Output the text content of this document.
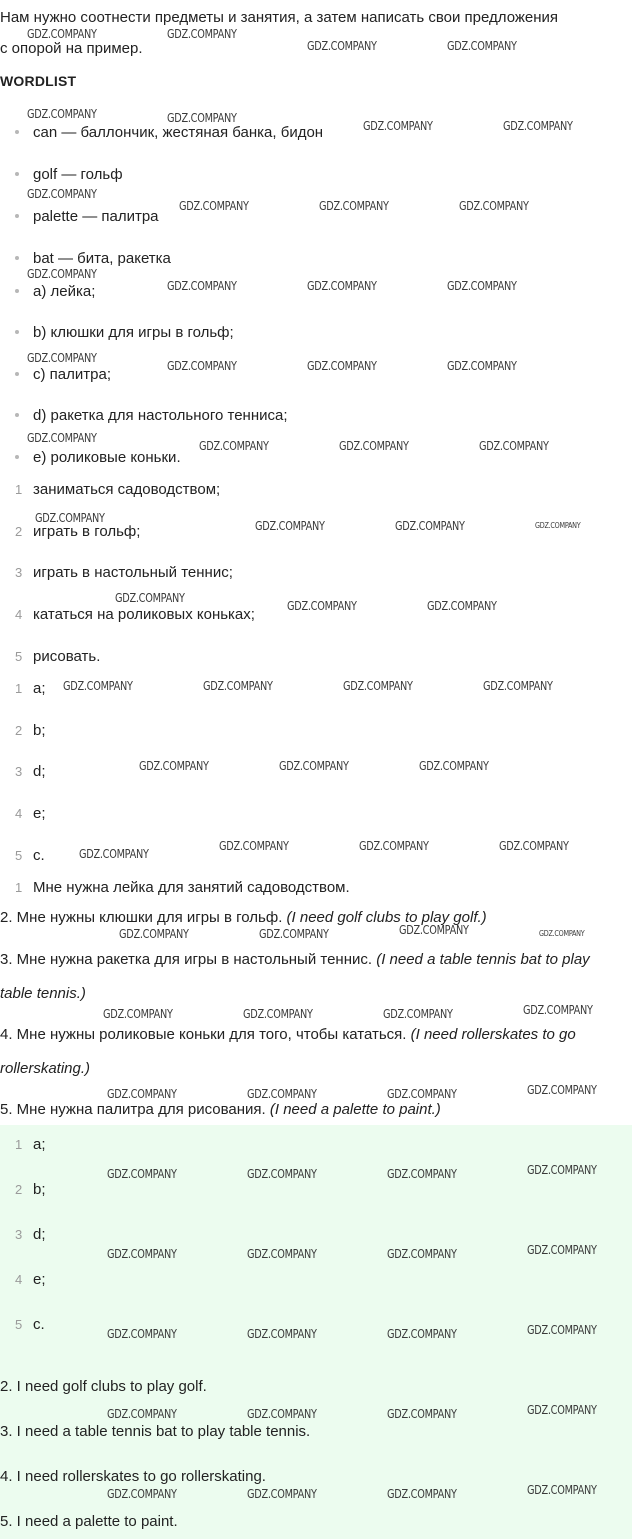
Нам нужно соотнести предметы и занятия, а затем написать свои предложения с опорой на пример.
WORDLIST
can — баллончик, жестяная банка, бидон
golf — гольф
palette — палитра
bat — бита, ракетка
a) лейка;
b) клюшки для игры в гольф;
c) палитра;
d) ракетка для настольного тенниса;
e) роликовые коньки.
1 заниматься садоводством;
2 играть в гольф;
3 играть в настольный теннис;
4 кататься на роликовых коньках;
5 рисовать.
1 a;
2 b;
3 d;
4 e;
5 c.
1 Мне нужна лейка для занятий садоводством.
2. Мне нужны клюшки для игры в гольф. (I need golf clubs to play golf.)
3. Мне нужна ракетка для игры в настольный теннис. (I need a table tennis bat to play table tennis.)
4. Мне нужны роликовые коньки для того, чтобы кататься. (I need rollerskates to go rollerskating.)
5. Мне нужна палитра для рисования. (I need a palette to paint.)
1 a;
2 b;
3 d;
4 e;
5 c.
2. I need golf clubs to play golf.
3. I need a table tennis bat to play table tennis.
4. I need rollerskates to go rollerskating.
5. I need a palette to paint.
GDZ.COMPANY	GDZ.COMPANY
GDZ.COMPANY	GDZ.COMPANY
GDZ.COMPANY	GDZ.COMPANY
GDZ.COMPANY	GDZ.COMPANY
GDZ.COMPANY
GDZ.COMPANY	GDZ.COMPANY	GDZ.COMPANY
GDZ.COMPANY
GDZ.COMPANY	GDZ.COMPANY	GDZ.COMPANY
GDZ.COMPANY
GDZ.COMPANY	GDZ.COMPANY	GDZ.COMPANY
GDZ.COMPANY
GDZ.COMPANY	GDZ.COMPANY	GDZ.COMPANY
GDZ.COMPANY
GDZ.COMPANY	GDZ.COMPANY	GDZ.COMPANY
GDZ.COMPANY
GDZ.COMPANY	GDZ.COMPANY
GDZ.COMPANY	GDZ.COMPANY	GDZ.COMPANY	GDZ.COMPANY
GDZ.COMPANY	GDZ.COMPANY	GDZ.COMPANY
GDZ.COMPANY
GDZ.COMPANY	GDZ.COMPANY	GDZ.COMPANY
GDZ.COMPANY	GDZ.COMPANY	GDZ.COMPANY	GDZ.COMPANY
GDZ.COMPANY	GDZ.COMPANY	GDZ.COMPANY	GDZ.COMPANY
GDZ.COMPANY	GDZ.COMPANY	GDZ.COMPANY	GDZ.COMPANY
GDZ.COMPANY	GDZ.COMPANY	GDZ.COMPANY	GDZ.COMPANY
GDZ.COMPANY	GDZ.COMPANY	GDZ.COMPANY	GDZ.COMPANY
GDZ.COMPANY	GDZ.COMPANY	GDZ.COMPANY	GDZ.COMPANY
GDZ.COMPANY	GDZ.COMPANY	GDZ.COMPANY	GDZ.COMPANY
GDZ.COMPANY	GDZ.COMPANY	GDZ.COMPANY	GDZ.COMPANY
